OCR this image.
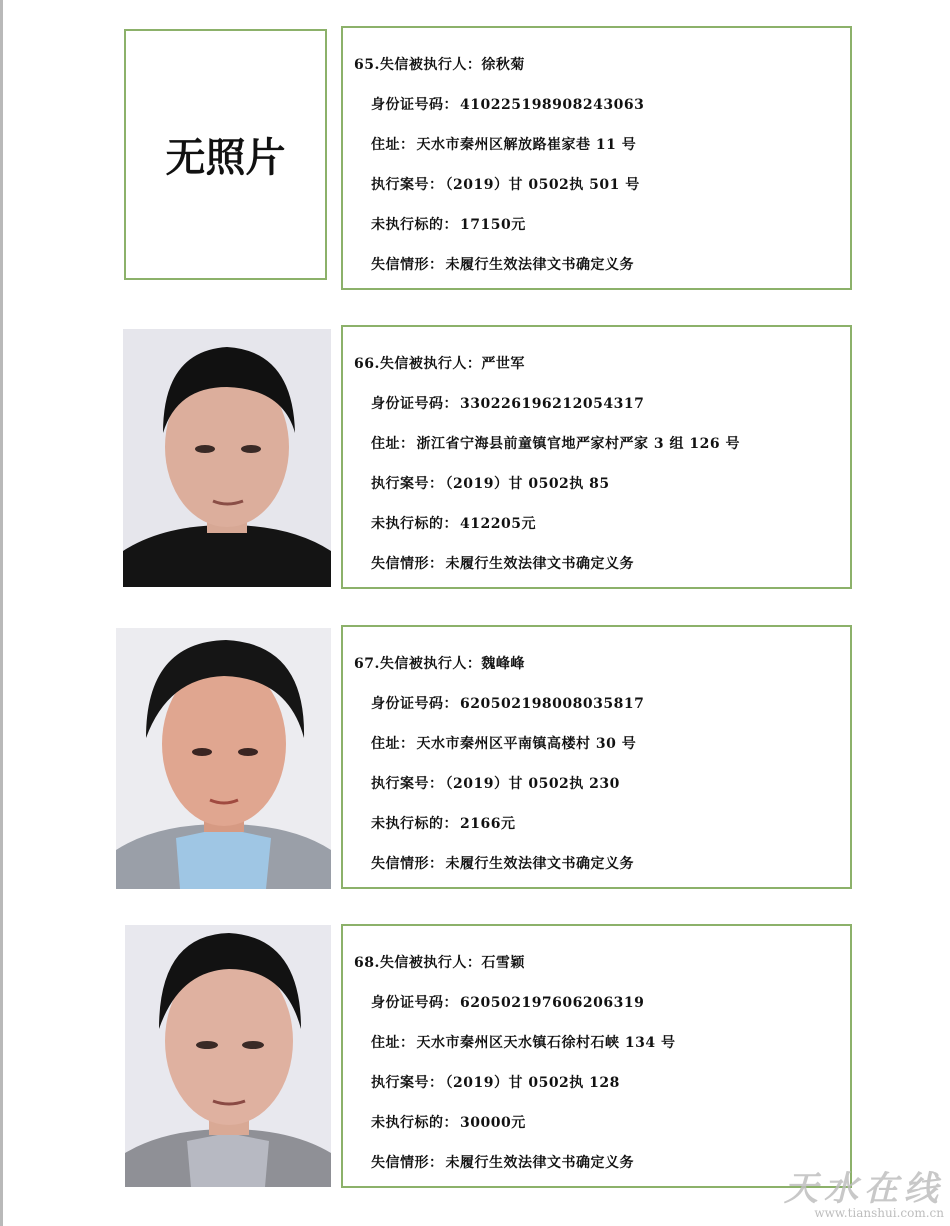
无照片
65.失信被执行人：徐秋菊
身份证号码： 410225198908243063
住址： 天水市秦州区解放路崔家巷 11 号
执行案号： （2019）甘 0502执 501 号
未执行标的： 17150元
失信情形： 未履行生效法律文书确定义务
66.失信被执行人：严世军
身份证号码： 330226196212054317
住址： 浙江省宁海县前童镇官地严家村严家 3 组 126 号
执行案号： （2019）甘 0502执 85
未执行标的： 412205元
失信情形： 未履行生效法律文书确定义务
67.失信被执行人：魏峰峰
身份证号码： 620502198008035817
住址： 天水市秦州区平南镇高楼村 30 号
执行案号： （2019）甘 0502执 230
未执行标的： 2166元
失信情形： 未履行生效法律文书确定义务
68.失信被执行人：石雪颖
身份证号码： 620502197606206319
住址： 天水市秦州区天水镇石徐村石峡 134 号
执行案号： （2019）甘 0502执 128
未执行标的： 30000元
失信情形： 未履行生效法律文书确定义务
天水在线
www.tianshui.com.cn
